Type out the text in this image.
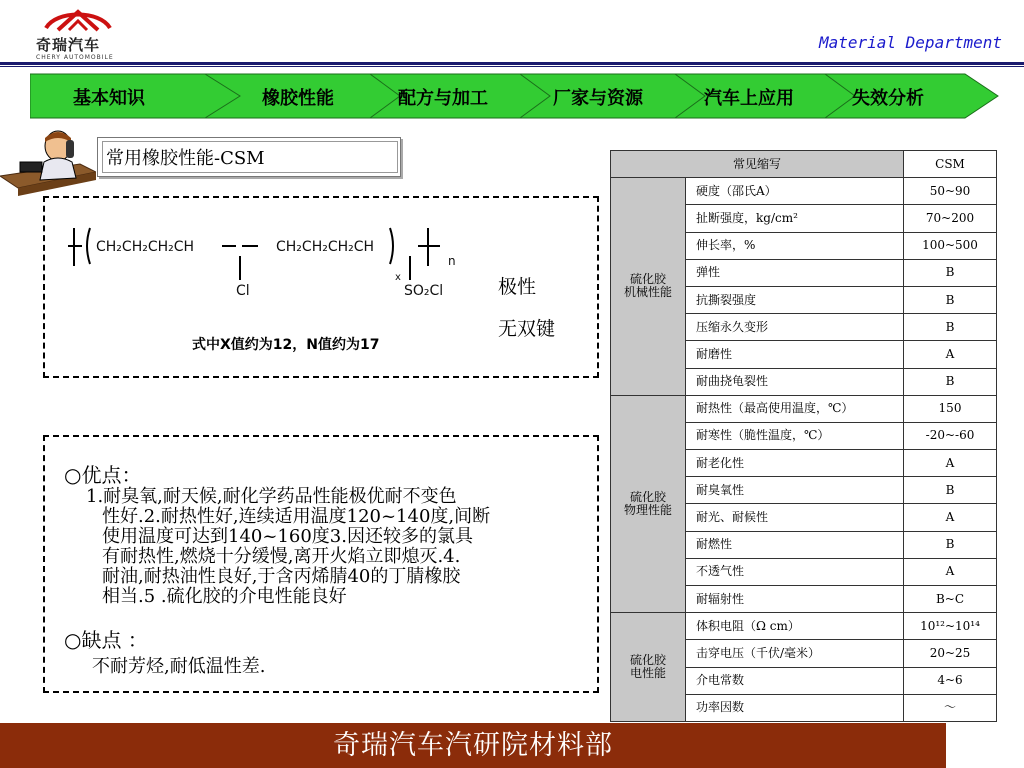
奇瑞汽车
CHERY AUTOMOBILE
Material Department
基本知识	橡胶性能	配方与加工	厂家与资源	汽车上应用	失效分析
常用橡胶性能-CSM
CH₂CH₂CH₂CH	CH₂CH₂CH₂CH
Cl	SO₂Cl
x
n
式中X值约为12，N值约为17
极性
无双键
○优点：
1.耐臭氧,耐天候,耐化学药品性能极优耐不变色
性好.2.耐热性好,连续适用温度120~140度,间断
使用温度可达到140~160度3.因还较多的氯具
有耐热性,燃烧十分缓慢,离开火焰立即熄灭.4.
耐油,耐热油性良好,于含丙烯腈40的丁腈橡胶
相当.5 .硫化胶的介电性能良好
○缺点 ：
不耐芳烃,耐低温性差.
常见缩写		CSM

硫化胶
机械性能	硬度（邵氏A）	50~90
	扯断强度，kg/cm²	70~200
	伸长率，%	100~500
	弹性	B
	抗撕裂强度	B
	压缩永久变形	B
	耐磨性	A
	耐曲挠龟裂性	B

硫化胶
物理性能	耐热性（最高使用温度，℃）	150
	耐寒性（脆性温度，℃）	-20~-60
	耐老化性	A
	耐臭氧性	B
	耐光、耐候性	A
	耐燃性	B
	不透气性	A
	耐辐射性	B~C

硫化胶
电性能	体积电阻（Ω cm）	10¹²~10¹⁴
	击穿电压（千伏/毫米）	20~25
	介电常数	4~6
	功率因数	～
奇瑞汽车汽研院材料部
